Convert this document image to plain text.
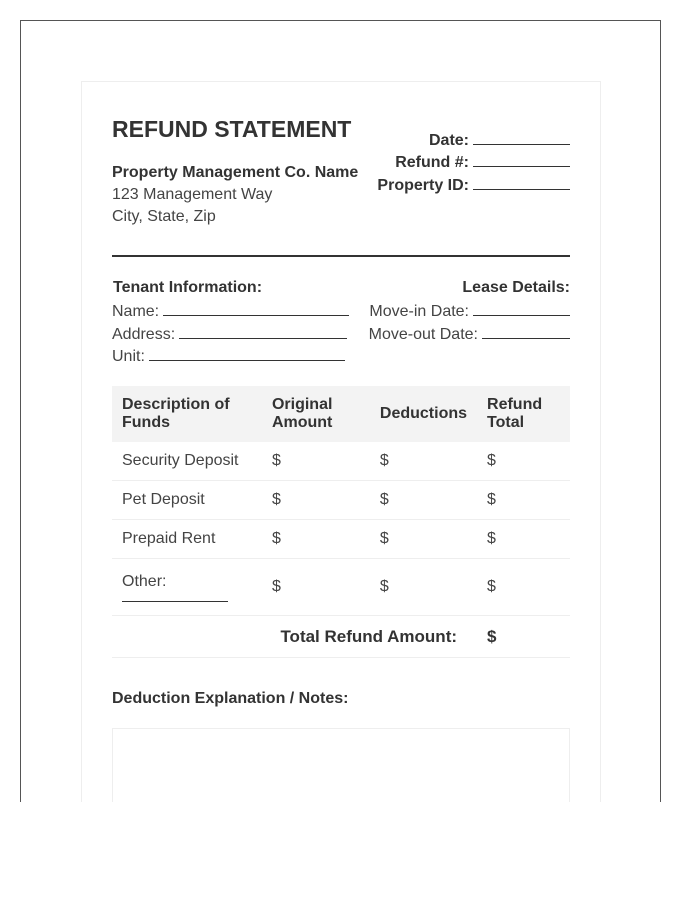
REFUND STATEMENT
Property Management Co. Name
123 Management Way
City, State, Zip
Date:
Refund #:
Property ID:
Tenant Information:
Name:
Address:
Unit:
Lease Details:
Move-in Date:
Move-out Date:
Description of Funds	Original Amount	Deductions	Refund Total
Security Deposit	$	$	$
Pet Deposit	$	$	$
Prepaid Rent	$	$	$
Other:	$	$	$
Total Refund Amount:			$
Deduction Explanation / Notes:
